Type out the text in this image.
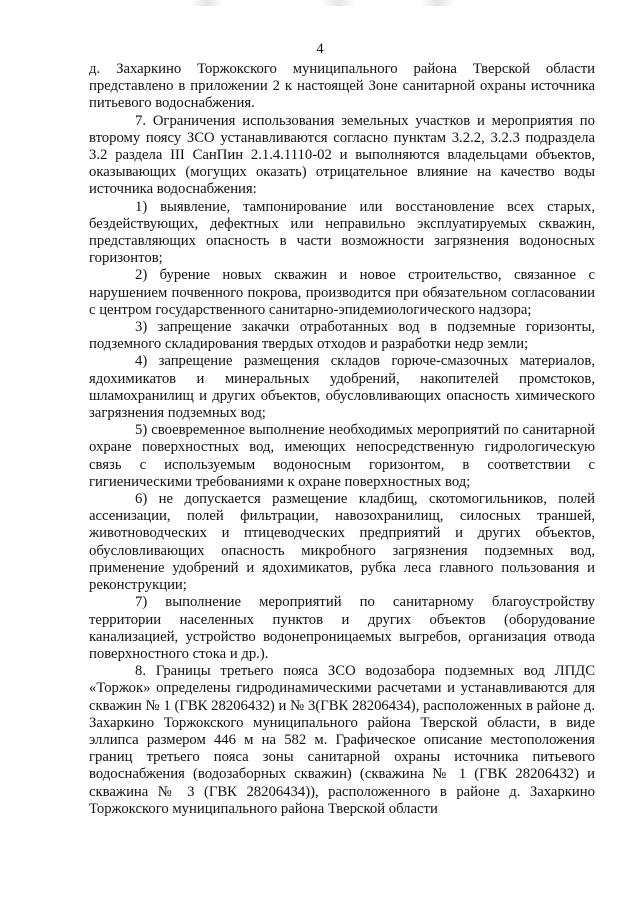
4

д. Захаркино Торжокского муниципального района Тверской области представлено в приложении 2 к настоящей Зоне санитарной охраны источника питьевого водоснабжения.

7. Ограничения использования земельных участков и мероприятия по второму поясу ЗСО устанавливаются согласно пунктам 3.2.2, 3.2.3 подраздела 3.2 раздела III СанПин 2.1.4.1110-02 и выполняются владельцами объектов, оказывающих (могущих оказать) отрицательное влияние на качество воды источника водоснабжения:

1) выявление, тампонирование или восстановление всех старых, бездействующих, дефектных или неправильно эксплуатируемых скважин, представляющих опасность в части возможности загрязнения водоносных горизонтов;

2) бурение новых скважин и новое строительство, связанное с нарушением почвенного покрова, производится при обязательном согласовании с центром государственного санитарно-эпидемиологического надзора;

3) запрещение закачки отработанных вод в подземные горизонты, подземного складирования твердых отходов и разработки недр земли;

4) запрещение размещения складов горюче-смазочных материалов, ядохимикатов и минеральных удобрений, накопителей промстоков, шламохранилищ и других объектов, обусловливающих опасность химического загрязнения подземных вод;

5) своевременное выполнение необходимых мероприятий по санитарной охране поверхностных вод, имеющих непосредственную гидрологическую связь с используемым водоносным горизонтом, в соответствии с гигиеническими требованиями к охране поверхностных вод;

6) не допускается размещение кладбищ, скотомогильников, полей ассенизации, полей фильтрации, навозохранилищ, силосных траншей, животноводческих и птицеводческих предприятий и других объектов, обусловливающих опасность микробного загрязнения подземных вод, применение удобрений и ядохимикатов, рубка леса главного пользования и реконструкции;

7) выполнение мероприятий по санитарному благоустройству территории населенных пунктов и других объектов (оборудование канализацией, устройство водонепроницаемых выгребов, организация отвода поверхностного стока и др.).

8. Границы третьего пояса ЗСО водозабора подземных вод ЛПДС «Торжок» определены гидродинамическими расчетами и устанавливаются для скважин № 1 (ГВК 28206432) и № 3(ГВК 28206434), расположенных в районе д. Захаркино Торжокского муниципального района Тверской области, в виде эллипса размером 446 м на 582 м. Графическое описание местоположения границ третьего пояса зоны санитарной охраны источника питьевого водоснабжения (водозаборных скважин) (скважина № 1 (ГВК 28206432) и скважина № 3 (ГВК 28206434)), расположенного в районе д. Захаркино Торжокского муниципального района Тверской области
